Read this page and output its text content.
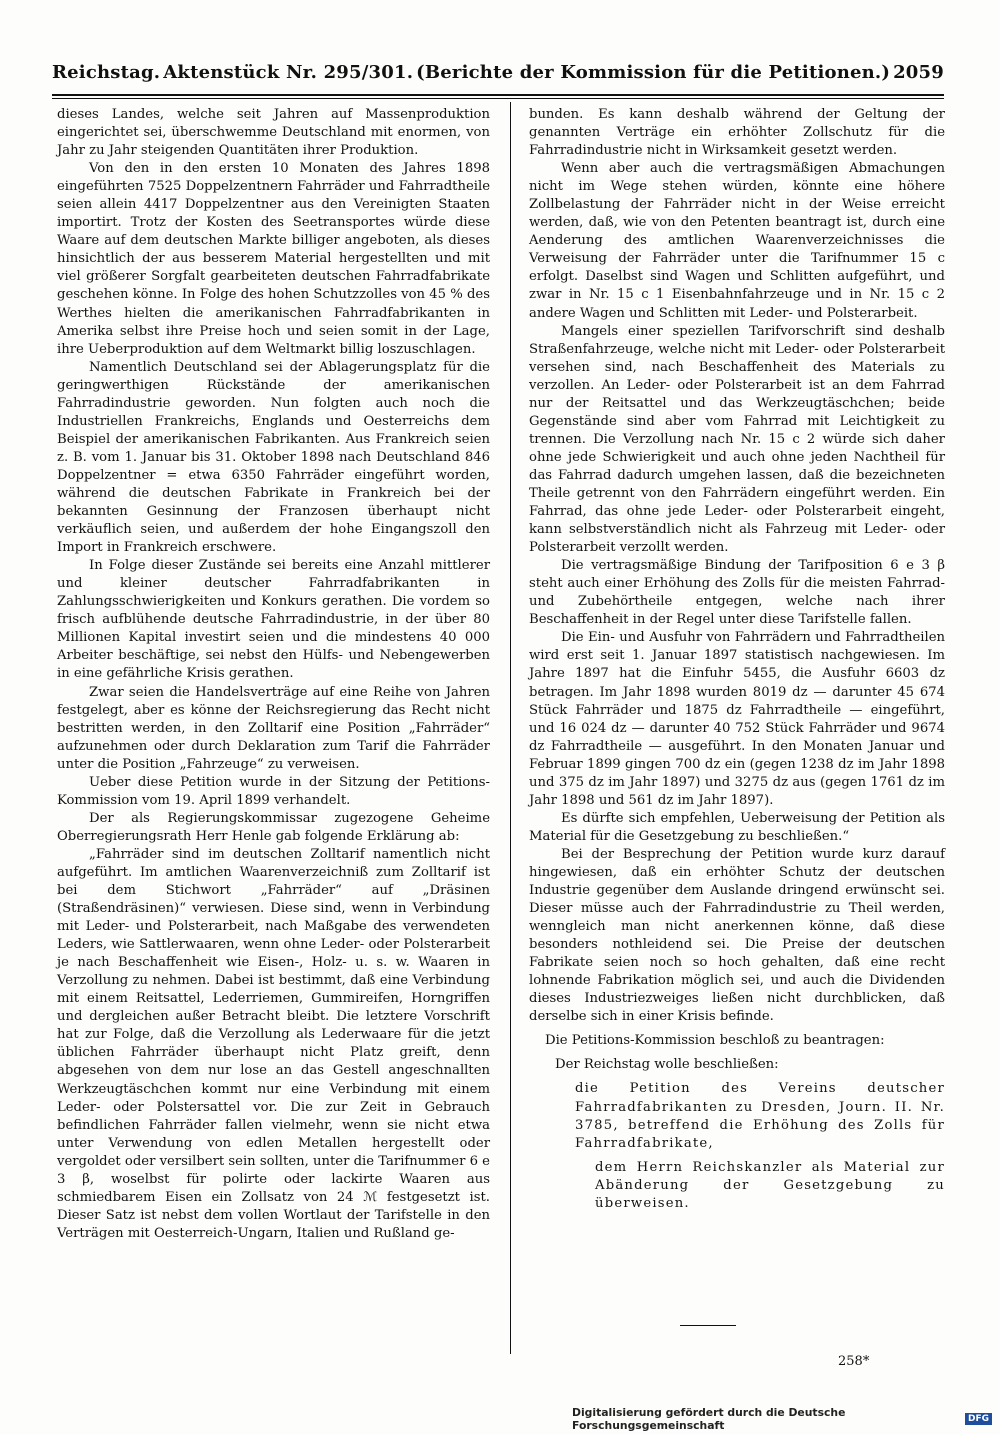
Reichstag. Aktenstück Nr. 295/301. (Berichte der Kommission für die Petitionen.) 2059

dieses Landes, welche seit Jahren auf Massenproduktion eingerichtet sei, überschwemme Deutschland mit enormen, von Jahr zu Jahr steigenden Quantitäten ihrer Produktion.

Von den in den ersten 10 Monaten des Jahres 1898 eingeführten 7525 Doppelzentnern Fahrräder und Fahrradtheile seien allein 4417 Doppelzentner aus den Vereinigten Staaten importirt. Trotz der Kosten des Seetransportes würde diese Waare auf dem deutschen Markte billiger angeboten, als dieses hinsichtlich der aus besserem Material hergestellten und mit viel größerer Sorgfalt gearbeiteten deutschen Fahrradfabrikate geschehen könne. In Folge des hohen Schutzzolles von 45 % des Werthes hielten die amerikanischen Fahrradfabrikanten in Amerika selbst ihre Preise hoch und seien somit in der Lage, ihre Ueberproduktion auf dem Weltmarkt billig loszuschlagen.

Namentlich Deutschland sei der Ablagerungsplatz für die geringwerthigen Rückstände der amerikanischen Fahrradindustrie geworden. Nun folgten auch noch die Industriellen Frankreichs, Englands und Oesterreichs dem Beispiel der amerikanischen Fabrikanten. Aus Frankreich seien z. B. vom 1. Januar bis 31. Oktober 1898 nach Deutschland 846 Doppelzentner = etwa 6350 Fahrräder eingeführt worden, während die deutschen Fabrikate in Frankreich bei der bekannten Gesinnung der Franzosen überhaupt nicht verkäuflich seien, und außerdem der hohe Eingangszoll den Import in Frankreich erschwere.

In Folge dieser Zustände sei bereits eine Anzahl mittlerer und kleiner deutscher Fahrradfabrikanten in Zahlungsschwierigkeiten und Konkurs gerathen. Die vordem so frisch aufblühende deutsche Fahrradindustrie, in der über 80 Millionen Kapital investirt seien und die mindestens 40 000 Arbeiter beschäftige, sei nebst den Hülfs- und Nebengewerben in eine gefährliche Krisis gerathen.

Zwar seien die Handelsverträge auf eine Reihe von Jahren festgelegt, aber es könne der Reichsregierung das Recht nicht bestritten werden, in den Zolltarif eine Position „Fahrräder“ aufzunehmen oder durch Deklaration zum Tarif die Fahrräder unter die Position „Fahrzeuge“ zu verweisen.

Ueber diese Petition wurde in der Sitzung der Petitions-Kommission vom 19. April 1899 verhandelt.

Der als Regierungskommissar zugezogene Geheime Oberregierungsrath Herr Henle gab folgende Erklärung ab:

„Fahrräder sind im deutschen Zolltarif namentlich nicht aufgeführt. Im amtlichen Waarenverzeichniß zum Zolltarif ist bei dem Stichwort „Fahrräder“ auf „Dräsinen (Straßendräsinen)“ verwiesen. Diese sind, wenn in Verbindung mit Leder- und Polsterarbeit, nach Maßgabe des verwendeten Leders, wie Sattlerwaaren, wenn ohne Leder- oder Polsterarbeit je nach Beschaffenheit wie Eisen-, Holz- u. s. w. Waaren in Verzollung zu nehmen. Dabei ist bestimmt, daß eine Verbindung mit einem Reitsattel, Lederriemen, Gummireifen, Horngriffen und dergleichen außer Betracht bleibt. Die letztere Vorschrift hat zur Folge, daß die Verzollung als Lederwaare für die jetzt üblichen Fahrräder überhaupt nicht Platz greift, denn abgesehen von dem nur lose an das Gestell angeschnallten Werkzeugtäschchen kommt nur eine Verbindung mit einem Leder- oder Polstersattel vor. Die zur Zeit in Gebrauch befindlichen Fahrräder fallen vielmehr, wenn sie nicht etwa unter Verwendung von edlen Metallen hergestellt oder vergoldet oder versilbert sein sollten, unter die Tarifnummer 6 e 3 β, woselbst für polirte oder lackirte Waaren aus schmiedbarem Eisen ein Zollsatz von 24 ℳ festgesetzt ist. Dieser Satz ist nebst dem vollen Wortlaut der Tarifstelle in den Verträgen mit Oesterreich-Ungarn, Italien und Rußland ge-

bunden. Es kann deshalb während der Geltung der genannten Verträge ein erhöhter Zollschutz für die Fahrradindustrie nicht in Wirksamkeit gesetzt werden.

Wenn aber auch die vertragsmäßigen Abmachungen nicht im Wege stehen würden, könnte eine höhere Zollbelastung der Fahrräder nicht in der Weise erreicht werden, daß, wie von den Petenten beantragt ist, durch eine Aenderung des amtlichen Waarenverzeichnisses die Verweisung der Fahrräder unter die Tarifnummer 15 c erfolgt. Daselbst sind Wagen und Schlitten aufgeführt, und zwar in Nr. 15 c 1 Eisenbahnfahrzeuge und in Nr. 15 c 2 andere Wagen und Schlitten mit Leder- und Polsterarbeit.

Mangels einer speziellen Tarifvorschrift sind deshalb Straßenfahrzeuge, welche nicht mit Leder- oder Polsterarbeit versehen sind, nach Beschaffenheit des Materials zu verzollen. An Leder- oder Polsterarbeit ist an dem Fahrrad nur der Reitsattel und das Werkzeugtäschchen; beide Gegenstände sind aber vom Fahrrad mit Leichtigkeit zu trennen. Die Verzollung nach Nr. 15 c 2 würde sich daher ohne jede Schwierigkeit und auch ohne jeden Nachtheil für das Fahrrad dadurch umgehen lassen, daß die bezeichneten Theile getrennt von den Fahrrädern eingeführt werden. Ein Fahrrad, das ohne jede Leder- oder Polsterarbeit eingeht, kann selbstverständlich nicht als Fahrzeug mit Leder- oder Polsterarbeit verzollt werden.

Die vertragsmäßige Bindung der Tarifposition 6 e 3 β steht auch einer Erhöhung des Zolls für die meisten Fahrrad- und Zubehörtheile entgegen, welche nach ihrer Beschaffenheit in der Regel unter diese Tarifstelle fallen.

Die Ein- und Ausfuhr von Fahrrädern und Fahrradtheilen wird erst seit 1. Januar 1897 statistisch nachgewiesen. Im Jahre 1897 hat die Einfuhr 5455, die Ausfuhr 6603 dz betragen. Im Jahr 1898 wurden 8019 dz — darunter 45 674 Stück Fahrräder und 1875 dz Fahrradtheile — eingeführt, und 16 024 dz — darunter 40 752 Stück Fahrräder und 9674 dz Fahrradtheile — ausgeführt. In den Monaten Januar und Februar 1899 gingen 700 dz ein (gegen 1238 dz im Jahr 1898 und 375 dz im Jahr 1897) und 3275 dz aus (gegen 1761 dz im Jahr 1898 und 561 dz im Jahr 1897).

Es dürfte sich empfehlen, Ueberweisung der Petition als Material für die Gesetzgebung zu beschließen.“

Bei der Besprechung der Petition wurde kurz darauf hingewiesen, daß ein erhöhter Schutz der deutschen Industrie gegenüber dem Auslande dringend erwünscht sei. Dieser müsse auch der Fahrradindustrie zu Theil werden, wenngleich man nicht anerkennen könne, daß diese besonders nothleidend sei. Die Preise der deutschen Fabrikate seien noch so hoch gehalten, daß eine recht lohnende Fabrikation möglich sei, und auch die Dividenden dieses Industriezweiges ließen nicht durchblicken, daß derselbe sich in einer Krisis befinde.

Die Petitions-Kommission beschloß zu beantragen:

Der Reichstag wolle beschließen:

die Petition des Vereins deutscher Fahrradfabrikanten zu Dresden, Journ. II. Nr. 3785, betreffend die Erhöhung des Zolls für Fahrradfabrikate,

dem Herrn Reichskanzler als Material zur Abänderung der Gesetzgebung zu überweisen.

258*
Digitalisierung gefördert durch die Deutsche Forschungsgemeinschaft	DFG
